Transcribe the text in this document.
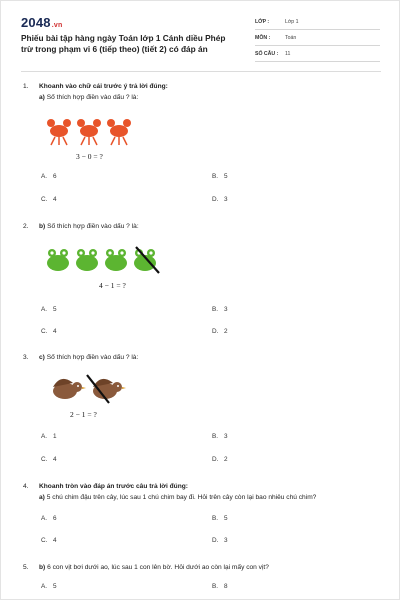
2048.vn
Phiếu bài tập hàng ngày Toán lớp 1 Cánh diều Phép trừ trong phạm vi 6 (tiếp theo) (tiết 2) có đáp án
LỚP :	Lớp 1
MÔN :	Toán
SỐ CÂU : 11
1. Khoanh vào chữ cái trước ý trả lời đúng:
a) Số thích hợp điền vào dấu ? là:
3 − 0 = ?
A. 6	B. 5
C. 4	D. 3
2. b) Số thích hợp điền vào dấu ? là:
4 − 1 = ?
A. 5	B. 3
C. 4	D. 2
3. c) Số thích hợp điền vào dấu ? là:
2 − 1 = ?
A. 1	B. 3
C. 4	D. 2
4. Khoanh tròn vào đáp án trước câu trả lời đúng:
a) 5 chú chim đậu trên cây, lúc sau 1 chú chim bay đi. Hỏi trên cây còn lại bao nhiêu chú chim?
A. 6	B. 5
C. 4	D. 3
5. b) 6 con vịt bơi dưới ao, lúc sau 1 con lên bờ. Hỏi dưới ao còn lại mấy con vịt?
A. 5	B. 8
